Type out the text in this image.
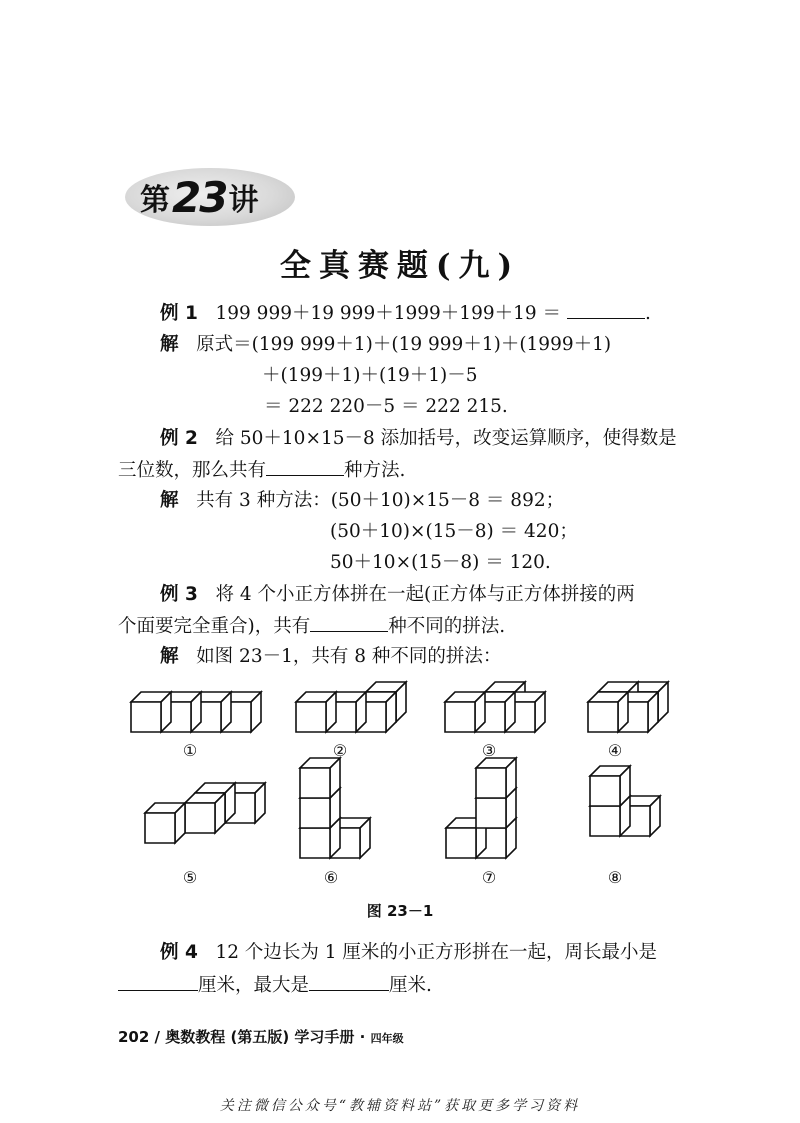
第 23 讲
全真赛题(九)
例 1 199 999＋19 999＋1999＋199＋19 ＝	.
解 原式＝(199 999＋1)＋(19 999＋1)＋(1999＋1)
＋(199＋1)＋(19＋1)－5
＝ 222 220－5 ＝ 222 215.
例 2 给 50＋10×15－8 添加括号，改变运算顺序，使得数是
三位数，那么共有	种方法.
解 共有 3 种方法：(50＋10)×15－8 ＝ 892；
(50＋10)×(15－8) ＝ 420；
50＋10×(15－8) ＝ 120.
例 3 将 4 个小正方体拼在一起(正方体与正方体拼接的两
个面要完全重合)，共有	种不同的拼法.
解 如图 23－1，共有 8 种不同的拼法：
①	②	③	④
⑤	⑥	⑦	⑧
图 23－1
例 4 12 个边长为 1 厘米的小正方形拼在一起，周长最小是
厘米，最大是	厘米.
202 / 奥数教程 (第五版) 学习手册 · 四年级
关注微信公众号“教辅资料站”获取更多学习资料
